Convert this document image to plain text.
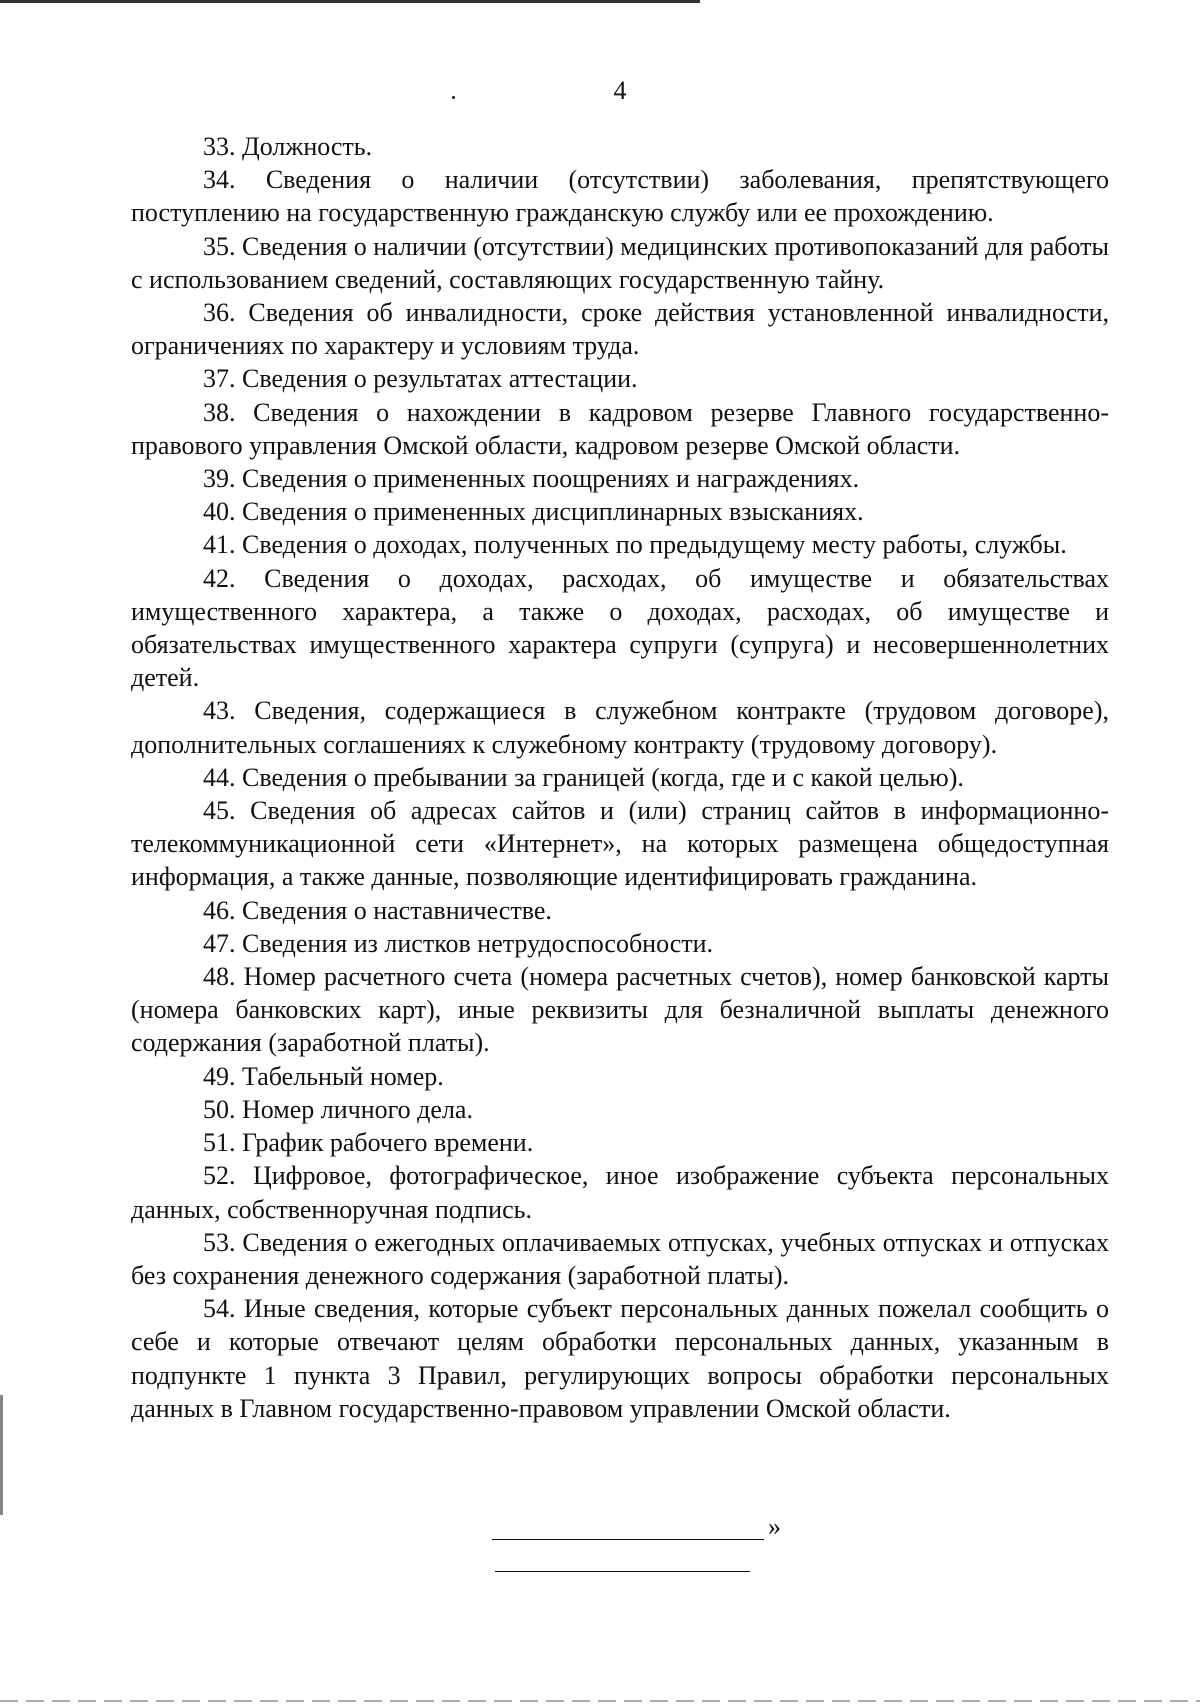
4

33. Должность.

34. Сведения о наличии (отсутствии) заболевания, препятствующего поступлению на государственную гражданскую службу или ее прохождению.

35. Сведения о наличии (отсутствии) медицинских противопоказаний для работы с использованием сведений, составляющих государственную тайну.

36. Сведения об инвалидности, сроке действия установленной инвалидности, ограничениях по характеру и условиям труда.

37. Сведения о результатах аттестации.

38. Сведения о нахождении в кадровом резерве Главного государственно-правового управления Омской области, кадровом резерве Омской области.

39. Сведения о примененных поощрениях и награждениях.

40. Сведения о примененных дисциплинарных взысканиях.

41. Сведения о доходах, полученных по предыдущему месту работы, службы.

42. Сведения о доходах, расходах, об имуществе и обязательствах имущественного характера, а также о доходах, расходах, об имуществе и обязательствах имущественного характера супруги (супруга) и несовершеннолетних детей.

43. Сведения, содержащиеся в служебном контракте (трудовом договоре), дополнительных соглашениях к служебному контракту (трудовому договору).

44. Сведения о пребывании за границей (когда, где и с какой целью).

45. Сведения об адресах сайтов и (или) страниц сайтов в информационно-телекоммуникационной сети «Интернет», на которых размещена общедоступная информация, а также данные, позволяющие идентифицировать гражданина.

46. Сведения о наставничестве.

47. Сведения из листков нетрудоспособности.

48. Номер расчетного счета (номера расчетных счетов), номер банковской карты (номера банковских карт), иные реквизиты для безналичной выплаты денежного содержания (заработной платы).

49. Табельный номер.

50. Номер личного дела.

51. График рабочего времени.

52. Цифровое, фотографическое, иное изображение субъекта персональных данных, собственноручная подпись.

53. Сведения о ежегодных оплачиваемых отпусках, учебных отпусках и отпусках без сохранения денежного содержания (заработной платы).

54. Иные сведения, которые субъект персональных данных пожелал сообщить о себе и которые отвечают целям обработки персональных данных, указанным в подпункте 1 пункта 3 Правил, регулирующих вопросы обработки персональных данных в Главном государственно-правовом управлении Омской области.

»
